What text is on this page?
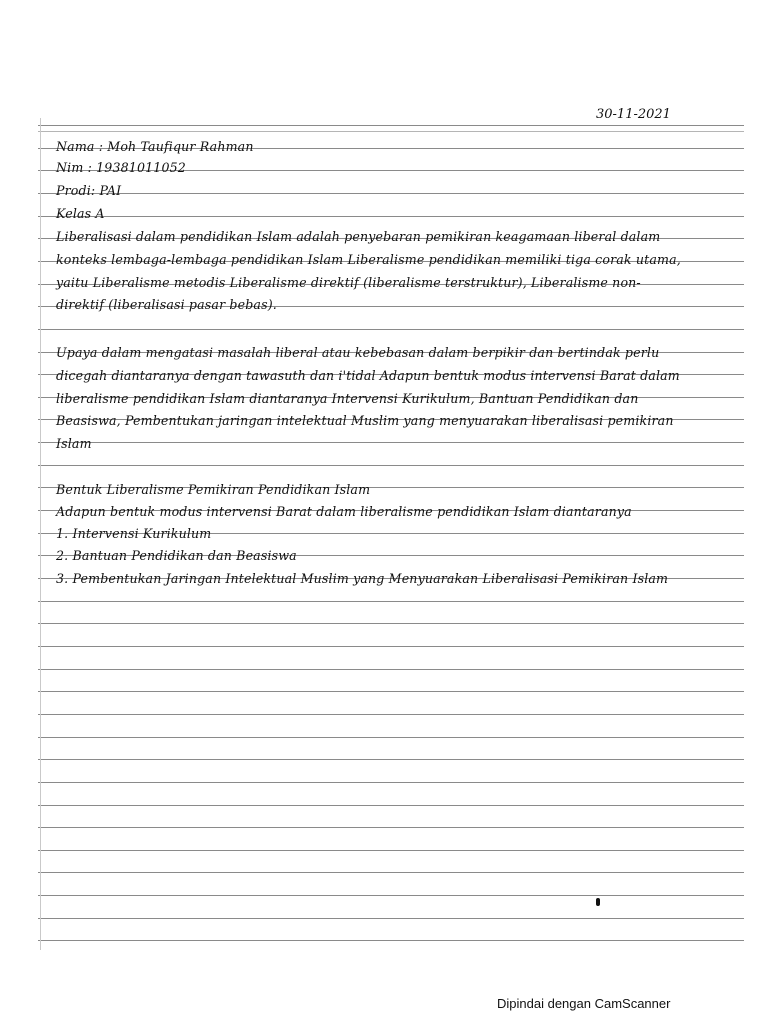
30-11-2021
Nama : Moh Taufiqur Rahman
Nim : 19381011052
Prodi: PAI
Kelas A
Liberalisasi dalam pendidikan Islam adalah penyebaran pemikiran keagamaan liberal dalam
konteks lembaga-lembaga pendidikan Islam Liberalisme pendidikan memiliki tiga corak utama,
yaitu Liberalisme metodis Liberalisme direktif (liberalisme terstruktur), Liberalisme non-
direktif (liberalisasi pasar bebas).
Upaya dalam mengatasi masalah liberal atau kebebasan dalam berpikir dan bertindak perlu
dicegah diantaranya dengan tawasuth dan i'tidal Adapun bentuk modus intervensi Barat dalam
liberalisme pendidikan Islam diantaranya Intervensi Kurikulum, Bantuan Pendidikan dan
Beasiswa, Pembentukan jaringan intelektual Muslim yang menyuarakan liberalisasi pemikiran
Islam
Bentuk Liberalisme Pemikiran Pendidikan Islam
Adapun bentuk modus intervensi Barat dalam liberalisme pendidikan Islam diantaranya
1. Intervensi Kurikulum
2. Bantuan Pendidikan dan Beasiswa
3. Pembentukan Jaringan Intelektual Muslim yang Menyuarakan Liberalisasi Pemikiran Islam
Dipindai dengan CamScanner
